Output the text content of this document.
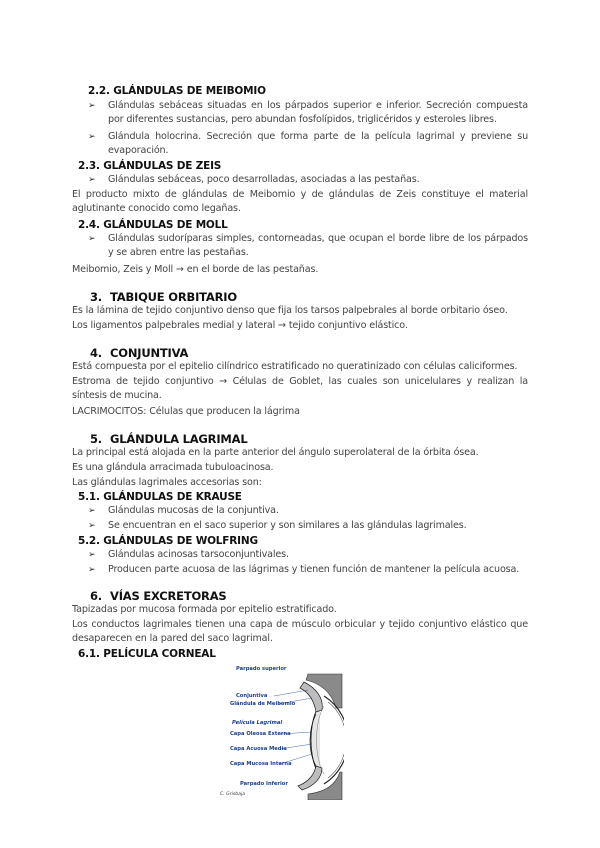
2.2. GLÁNDULAS DE MEIBOMIO
➢ Glándulas sebáceas situadas en los párpados superior e inferior. Secreción compuesta por diferentes sustancias, pero abundan fosfolípidos, triglicéridos y esteroles libres.
➢ Glándula holocrina. Secreción que forma parte de la película lagrimal y previene su evaporación.
2.3. GLÁNDULAS DE ZEIS
➢ Glándulas sebáceas, poco desarrolladas, asociadas a las pestañas.
El producto mixto de glándulas de Meibomio y de glándulas de Zeis constituye el material aglutinante conocido como legañas.
2.4. GLÁNDULAS DE MOLL
➢ Glándulas sudoríparas simples, contorneadas, que ocupan el borde libre de los párpados y se abren entre las pestañas.
Meibomio, Zeis y Moll → en el borde de las pestañas.
3. TABIQUE ORBITARIO
Es la lámina de tejido conjuntivo denso que fija los tarsos palpebrales al borde orbitario óseo.
Los ligamentos palpebrales medial y lateral → tejido conjuntivo elástico.
4. CONJUNTIVA
Está compuesta por el epitelio cilíndrico estratificado no queratinizado con células caliciformes.
Estroma de tejido conjuntivo → Células de Goblet, las cuales son unicelulares y realizan la síntesis de mucina.
LACRIMOCITOS: Células que producen la lágrima
5. GLÁNDULA LAGRIMAL
La principal está alojada en la parte anterior del ángulo superolateral de la órbita ósea.
Es una glándula arracimada tubuloacinosa.
Las glándulas lagrimales accesorias son:
5.1. GLÁNDULAS DE KRAUSE
➢ Glándulas mucosas de la conjuntiva.
➢ Se encuentran en el saco superior y son similares a las glándulas lagrimales.
5.2. GLÁNDULAS DE WOLFRING
➢ Glándulas acinosas tarsoconjuntivales.
➢ Producen parte acuosa de las lágrimas y tienen función de mantener la película acuosa.
6. VÍAS EXCRETORAS
Tapizadas por mucosa formada por epitelio estratificado.
Los conductos lagrimales tienen una capa de músculo orbicular y tejido conjuntivo elástico que desaparecen en la pared del saco lagrimal.
6.1. PELÍCULA CORNEAL
Parpado superior
Conjuntiva
Glándula de Meibomio
Película Lagrimal
Capa Oleosa Externa
Capa Acuosa Media
Capa Mucosa Interna
Parpado Inferior
C. Grisbaja
